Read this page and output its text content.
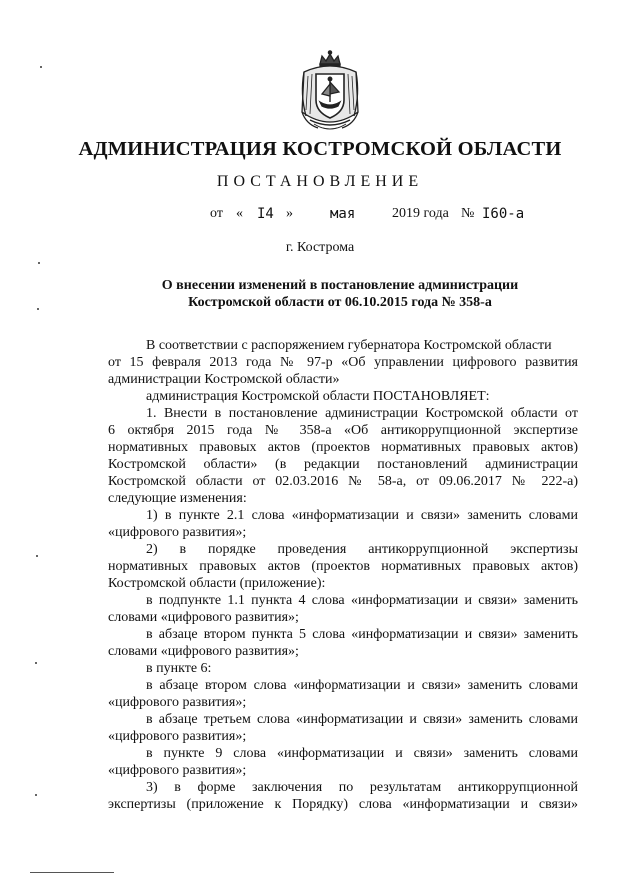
АДМИНИСТРАЦИЯ КОСТРОМСКОЙ ОБЛАСТИ
ПОСТАНОВЛЕНИЕ
от « I4 »	мая	2019 года № I60-а
г. Кострома
О внесении изменений в постановление администрации
Костромской области от 06.10.2015 года № 358-а
В соответствии с распоряжением губернатора Костромской области
от 15 февраля 2013 года № 97-р «Об управлении цифрового развития
администрации Костромской области»
администрация Костромской области ПОСТАНОВЛЯЕТ:
1. Внести в постановление администрации Костромской области от
6 октября 2015 года № 358-а «Об антикоррупционной экспертизе
нормативных правовых актов (проектов нормативных правовых актов)
Костромской области» (в редакции постановлений администрации
Костромской области от 02.03.2016 № 58-а, от 09.06.2017 № 222-а)
следующие изменения:
1) в пункте 2.1 слова «информатизации и связи» заменить словами
«цифрового развития»;
2) в порядке проведения антикоррупционной экспертизы
нормативных правовых актов (проектов нормативных правовых актов)
Костромской области (приложение):
в подпункте 1.1 пункта 4 слова «информатизации и связи» заменить
словами «цифрового развития»;
в абзаце втором пункта 5 слова «информатизации и связи» заменить
словами «цифрового развития»;
в пункте 6:
в абзаце втором слова «информатизации и связи» заменить словами
«цифрового развития»;
в абзаце третьем слова «информатизации и связи» заменить словами
«цифрового развития»;
в пункте 9 слова «информатизации и связи» заменить словами
«цифрового развития»;
3) в форме заключения по результатам антикоррупционной
экспертизы (приложение к Порядку) слова «информатизации и связи»
